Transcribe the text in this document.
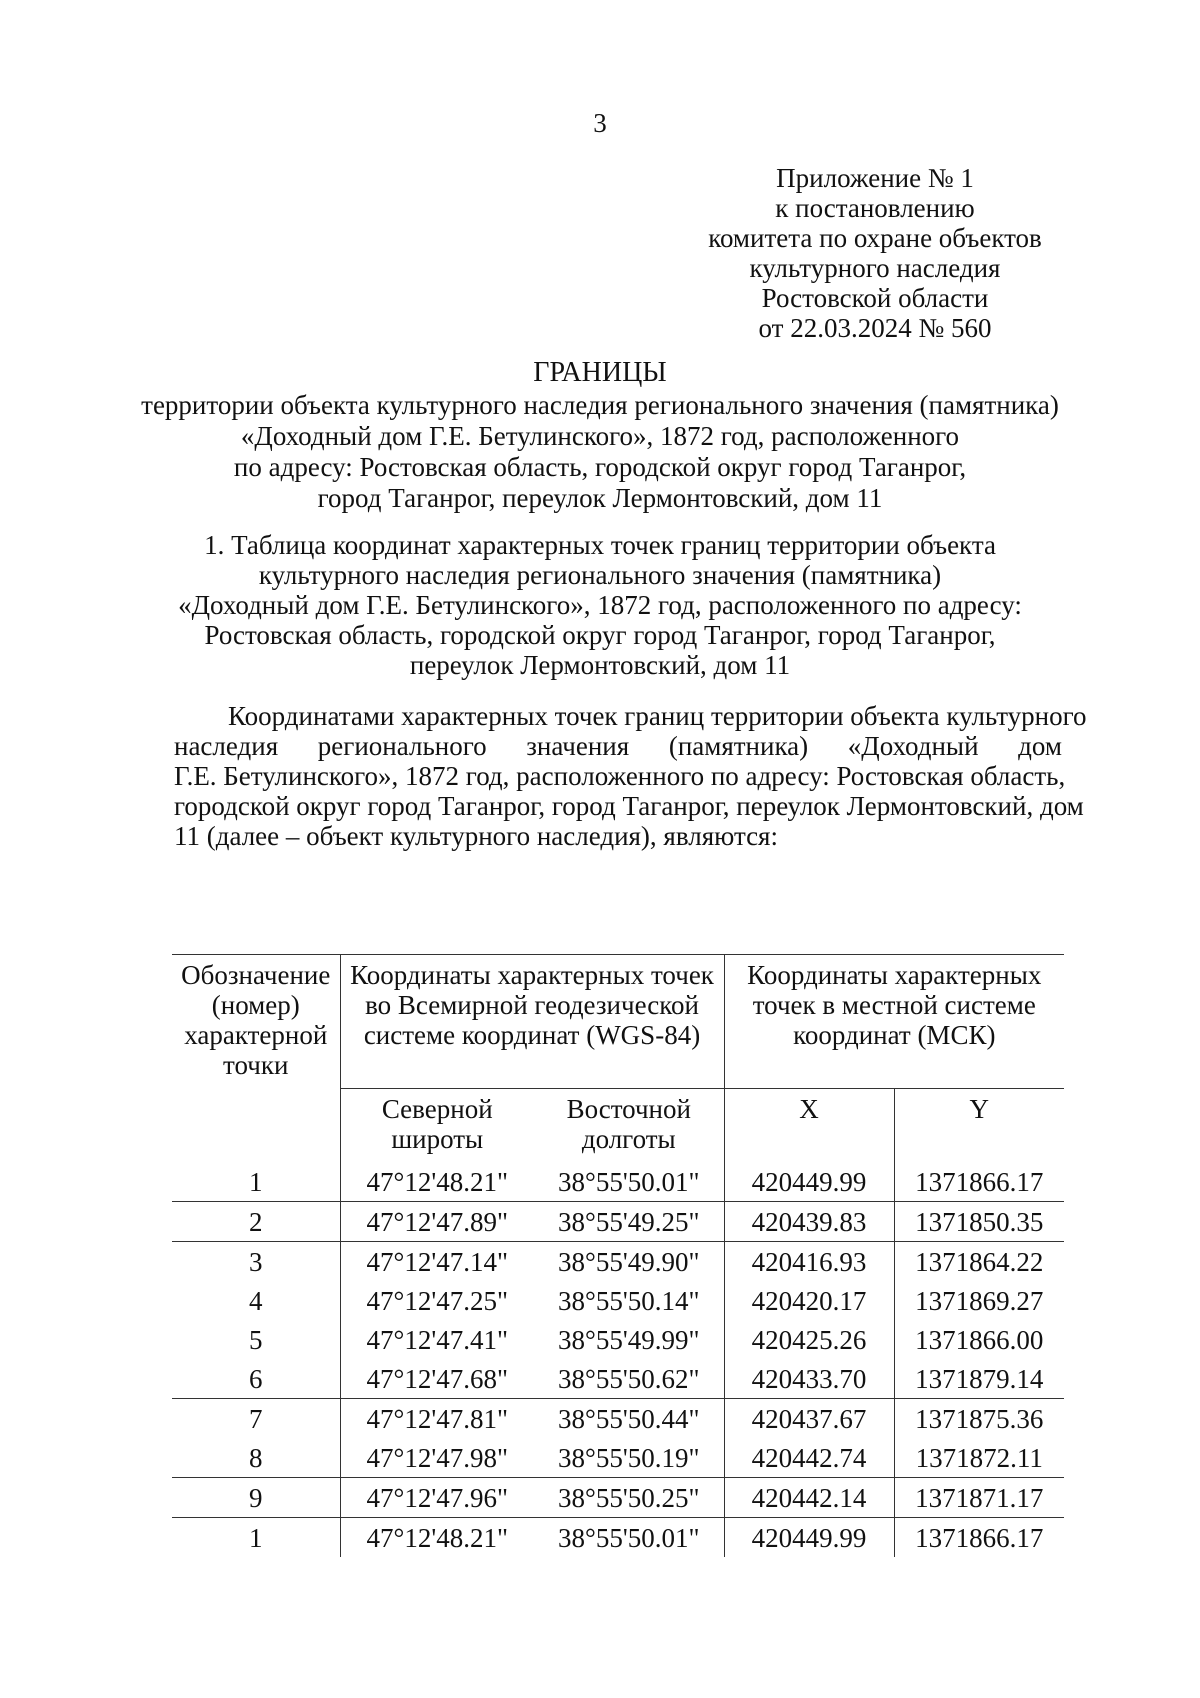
3
Приложение № 1
к постановлению
комитета по охране объектов
культурного наследия
Ростовской области
от 22.03.2024 № 560
ГРАНИЦЫ
территории объекта культурного наследия регионального значения (памятника)
«Доходный дом Г.Е. Бетулинского», 1872 год, расположенного
по адресу: Ростовская область, городской округ город Таганрог,
город Таганрог, переулок Лермонтовский, дом 11
1. Таблица координат характерных точек границ территории объекта
культурного наследия регионального значения (памятника)
«Доходный дом Г.Е. Бетулинского», 1872 год, расположенного по адресу:
Ростовская область, городской округ город Таганрог, город Таганрог,
переулок Лермонтовский, дом 11
Координатами характерных точек границ территории объекта культурного
наследия регионального значения (памятника) «Доходный дом
Г.Е. Бетулинского», 1872 год, расположенного по адресу: Ростовская область,
городской округ город Таганрог, город Таганрог, переулок Лермонтовский, дом
11 (далее – объект культурного наследия), являются:
Обозначение (номер) характерной точки	Координаты характерных точек во Всемирной геодезической системе координат (WGS-84)		Координаты характерных точек в местной системе координат (МСК)	
	Северной широты	Восточной долготы	X	Y
1	47°12'48.21"	38°55'50.01"	420449.99	1371866.17
2	47°12'47.89"	38°55'49.25"	420439.83	1371850.35
3	47°12'47.14"	38°55'49.90"	420416.93	1371864.22
4	47°12'47.25"	38°55'50.14"	420420.17	1371869.27
5	47°12'47.41"	38°55'49.99"	420425.26	1371866.00
6	47°12'47.68"	38°55'50.62"	420433.70	1371879.14
7	47°12'47.81"	38°55'50.44"	420437.67	1371875.36
8	47°12'47.98"	38°55'50.19"	420442.74	1371872.11
9	47°12'47.96"	38°55'50.25"	420442.14	1371871.17
1	47°12'48.21"	38°55'50.01"	420449.99	1371866.17
